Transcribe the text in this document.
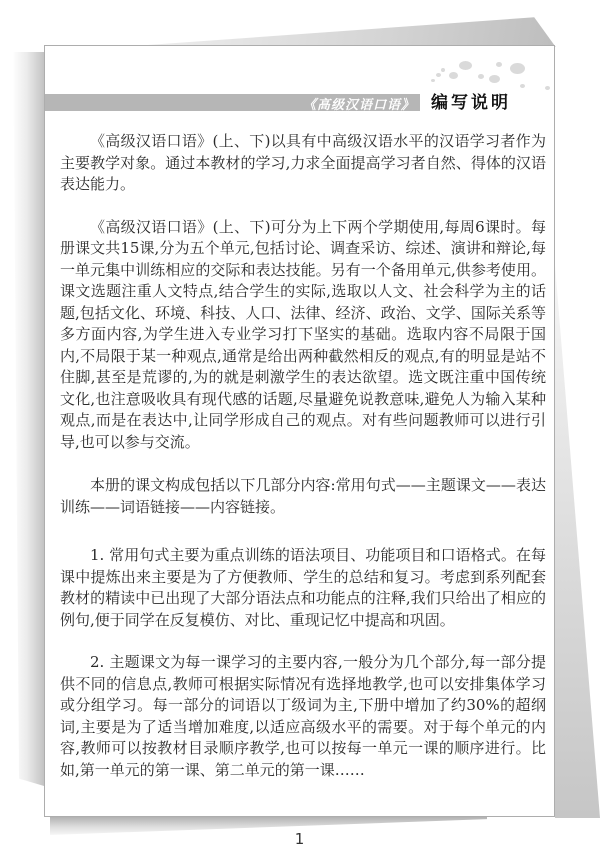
《高级汉语口语》 编写说明

《高级汉语口语》(上、下)以具有中高级汉语水平的汉语学习者作为主要教学对象。通过本教材的学习,力求全面提高学习者自然、得体的汉语表达能力。

《高级汉语口语》(上、下)可分为上下两个学期使用,每周6课时。每册课文共15课,分为五个单元,包括讨论、调查采访、综述、演讲和辩论,每一单元集中训练相应的交际和表达技能。另有一个备用单元,供参考使用。课文选题注重人文特点,结合学生的实际,选取以人文、社会科学为主的话题,包括文化、环境、科技、人口、法律、经济、政治、文学、国际关系等多方面内容,为学生进入专业学习打下坚实的基础。选取内容不局限于国内,不局限于某一种观点,通常是给出两种截然相反的观点,有的明显是站不住脚,甚至是荒谬的,为的就是刺激学生的表达欲望。选文既注重中国传统文化,也注意吸收具有现代感的话题,尽量避免说教意味,避免人为输入某种观点,而是在表达中,让同学形成自己的观点。对有些问题教师可以进行引导,也可以参与交流。

本册的课文构成包括以下几部分内容:常用句式——主题课文——表达训练——词语链接——内容链接。

1. 常用句式主要为重点训练的语法项目、功能项目和口语格式。在每课中提炼出来主要是为了方便教师、学生的总结和复习。考虑到系列配套教材的精读中已出现了大部分语法点和功能点的注释,我们只给出了相应的例句,便于同学在反复模仿、对比、重现记忆中提高和巩固。

2. 主题课文为每一课学习的主要内容,一般分为几个部分,每一部分提供不同的信息点,教师可根据实际情况有选择地教学,也可以安排集体学习或分组学习。每一部分的词语以丁级词为主,下册中增加了约30%的超纲词,主要是为了适当增加难度,以适应高级水平的需要。对于每个单元的内容,教师可以按教材目录顺序教学,也可以按每一单元一课的顺序进行。比如,第一单元的第一课、第二单元的第一课……

1
